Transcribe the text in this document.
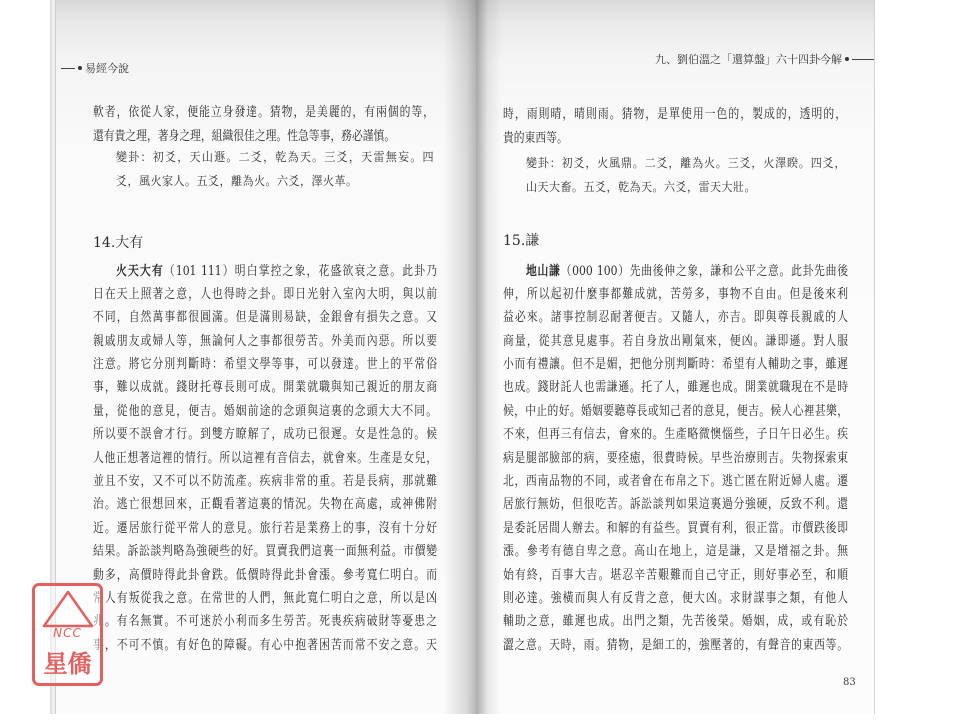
易經今說
軟者，依從人家，便能立身發達。猜物，是美麗的，有兩個的等，
還有貴之理，著身之理，組織很佳之理。性急等事，務必謹慎。
變卦：初爻，天山遯。二爻，乾為天。三爻，天雷無妄。四
爻，風火家人。五爻，離為火。六爻，澤火革。
14.大有
火天大有（101 111）明白掌控之象，花盛欲衰之意。此卦乃
日在天上照著之意，人也得時之卦。即日光射入室內大明，與以前
不同，自然萬事都很圓滿。但是滿則易缺，金銀會有損失之意。又
親戚朋友或婦人等，無論何人之事都很勞苦。外美而內惡。所以要
注意。將它分別判斷時：希望文學等事，可以發達。世上的平常俗
事，難以成就。錢財托尊長則可成。開業就職與知己親近的朋友商
量，從他的意見，便吉。婚姻前途的念頭與這裏的念頭大大不同。
所以要不誤會才行。到雙方瞭解了，成功已很遲。女是性急的。候
人他正想著這裡的情行。所以這裡有音信去，就會來。生產是女兒，
並且不安，又不可以不防流產。疾病非常的重。若是長病，那就難
治。逃亡很想回來，正觀看著這裏的情況。失物在高處，或神佛附
近。遷居旅行從平常人的意見。旅行若是業務上的事，沒有十分好
結果。訴訟談判略為強硬些的好。買賣我們這裏一面無利益。市價變
動多，高價時得此卦會跌。低價時得此卦會漲。參考寬仁明白。而
常人有叛從我之意。在常世的人們，無此寬仁明白之意，所以是凶
兆。有名無實。不可迷於小利而多生勞苦。死喪疾病破財等憂患之
事，不可不慎。有好色的障礙。有心中抱著困苦而常不安之意。天
九、劉伯溫之「還算盤」六十四卦今解
時，雨則晴，晴則雨。猜物，是單使用一色的，製成的，透明的，
貴的東西等。
變卦：初爻，火風鼎。二爻，離為火。三爻，火澤睽。四爻，
山天大畜。五爻，乾為天。六爻，雷天大壯。
15.謙
地山謙（000 100）先曲後伸之象，謙和公平之意。此卦先曲後
伸，所以起初什麼事都難成就，苦勞多，事物不自由。但是後來利
益必來。諸事控制忍耐著便吉。又隨人，亦吉。即與尊長親戚的人
商量，從其意見處事。若自身放出剛氣來，便凶。謙即遜。對人服
小而有禮讓。但不是媚，把他分別判斷時：希望有人輔助之事，雖遲
也成。錢財託人也需謙遜。托了人，雖遲也成。開業就職現在不是時
候，中止的好。婚姻要聽尊長或知己者的意見，便吉。候人心裡甚樂，
不來，但再三有信去，會來的。生產略微懊惱些，子日午日必生。疾
病是腿部臉部的病，要痊癒，很費時候。早些治療則吉。失物探索東
北，西南品物的不同，或者會在布帛之下。逃亡匿在附近婦人處。遷
居旅行無妨，但很吃苦。訴訟談判如果這裏過分強硬，反致不利。還
是委託居間人辦去。和解的有益些。買賣有利，很正當。市價跌後即
漲。參考有德自卑之意。高山在地上，這是謙，又是增福之卦。無
始有終，百事大吉。堪忍辛苦艱難而自己守正，則好事必至，和順
則必達。強橫而與人有反背之意，便大凶。求財謀事之類，有他人
輔助之意，雖遲也成。出門之類，先苦後榮。婚姻，成，或有恥於
澀之意。天時，雨。猜物，是細工的，強壓著的，有聲音的東西等。
83
NCC
星僑
